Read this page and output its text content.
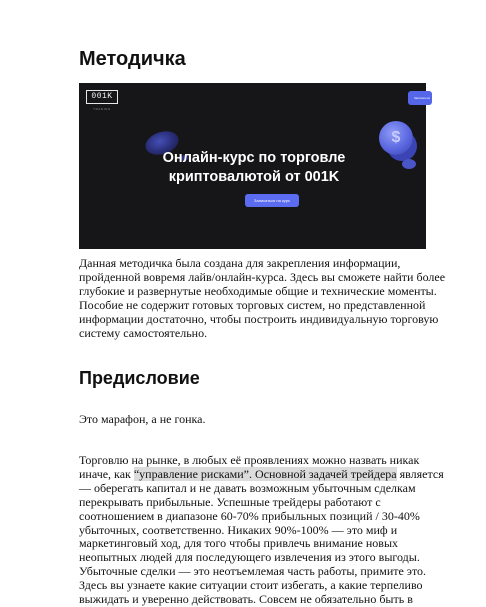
Методичка
001K
TRADING
Записаться
$

Онлайн-курс по торговле криптовалютой от 001K

Записаться на курс

Данная методичка была создана для закрепления информации, пройденной вовремя лайв/онлайн-курса. Здесь вы сможете найти более глубокие и развернутые необходимые общие и технические моменты. Пособие не содержит готовых торговых систем, но представленной информации достаточно, чтобы построить индивидуальную торговую систему самостоятельно.

Предисловие

Это марафон, а не гонка.

Торговлю на рынке, в любых её проявлениях можно назвать никак иначе, как “управление рисками”. Основной задачей трейдера является — оберегать капитал и не давать возможным убыточным сделкам перекрывать прибыльные. Успешные трейдеры работают с соотношением в диапазоне 60-70% прибыльных позиций / 30-40% убыточных, соответственно. Никаких 90%-100% — это миф и маркетинговый ход, для того чтобы привлечь внимание новых неопытных людей для последующего извлечения из этого выгоды. Убыточные сделки — это неотъемлемая часть работы, примите это.

Здесь вы узнаете какие ситуации стоит избегать, а какие терпеливо выжидать и уверенно действовать. Совсем не обязательно быть в
